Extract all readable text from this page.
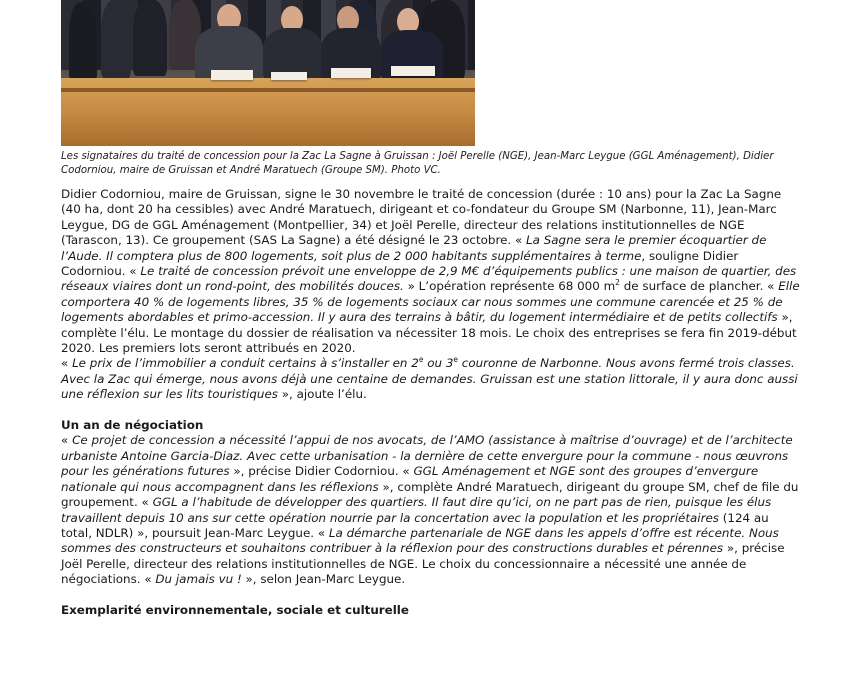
Les signataires du traité de concession pour la Zac La Sagne à Gruissan : Joël Perelle (NGE), Jean-Marc Leygue (GGL Aménagement), Didier Codorniou, maire de Gruissan et André Maratuech (Groupe SM). Photo VC.

Didier Codorniou, maire de Gruissan, signe le 30 novembre le traité de concession (durée : 10 ans) pour la Zac La Sagne (40 ha, dont 20 ha cessibles) avec André Maratuech, dirigeant et co-fondateur du Groupe SM (Narbonne, 11), Jean-Marc Leygue, DG de GGL Aménagement (Montpellier, 34) et Joël Perelle, directeur des relations institutionnelles de NGE (Tarascon, 13). Ce groupement (SAS La Sagne) a été désigné le 23 octobre. « La Sagne sera le premier écoquartier de l’Aude. Il comptera plus de 800 logements, soit plus de 2 000 habitants supplémentaires à terme, souligne Didier Codorniou. « Le traité de concession prévoit une enveloppe de 2,9 M€ d’équipements publics : une maison de quartier, des réseaux viaires dont un rond-point, des mobilités douces. » L’opération représente 68 000 $m^2$ de surface de plancher. « Elle comportera 40 % de logements libres, 35 % de logements sociaux car nous sommes une commune carencée et 25 % de logements abordables et primo-accession. Il y aura des terrains à bâtir, du logement intermédiaire et de petits collectifs », complète l’élu. Le montage du dossier de réalisation va nécessiter 18 mois. Le choix des entreprises se fera fin 2019-début 2020. Les premiers lots seront attribués en 2020.

« Le prix de l’immobilier a conduit certains à s’installer en 2e ou 3e couronne de Narbonne. Nous avons fermé trois classes. Avec la Zac qui émerge, nous avons déjà une centaine de demandes. Gruissan est une station littorale, il y aura donc aussi une réflexion sur les lits touristiques », ajoute l’élu.

Un an de négociation

« Ce projet de concession a nécessité l’appui de nos avocats, de l’AMO (assistance à maîtrise d’ouvrage) et de l’architecte urbaniste Antoine Garcia-Diaz. Avec cette urbanisation - la dernière de cette envergure pour la commune - nous œuvrons pour les générations futures », précise Didier Codorniou. « GGL Aménagement et NGE sont des groupes d’envergure nationale qui nous accompagnent dans les réflexions », complète André Maratuech, dirigeant du groupe SM, chef de file du groupement. « GGL a l’habitude de développer des quartiers. Il faut dire qu’ici, on ne part pas de rien, puisque les élus travaillent depuis 10 ans sur cette opération nourrie par la concertation avec la population et les propriétaires (124 au total, NDLR) », poursuit Jean-Marc Leygue. « La démarche partenariale de NGE dans les appels d’offre est récente. Nous sommes des constructeurs et souhaitons contribuer à la réflexion pour des constructions durables et pérennes », précise Joël Perelle, directeur des relations institutionnelles de NGE. Le choix du concessionnaire a nécessité une année de négociations. « Du jamais vu ! », selon Jean-Marc Leygue.

Exemplarité environnementale, sociale et culturelle
